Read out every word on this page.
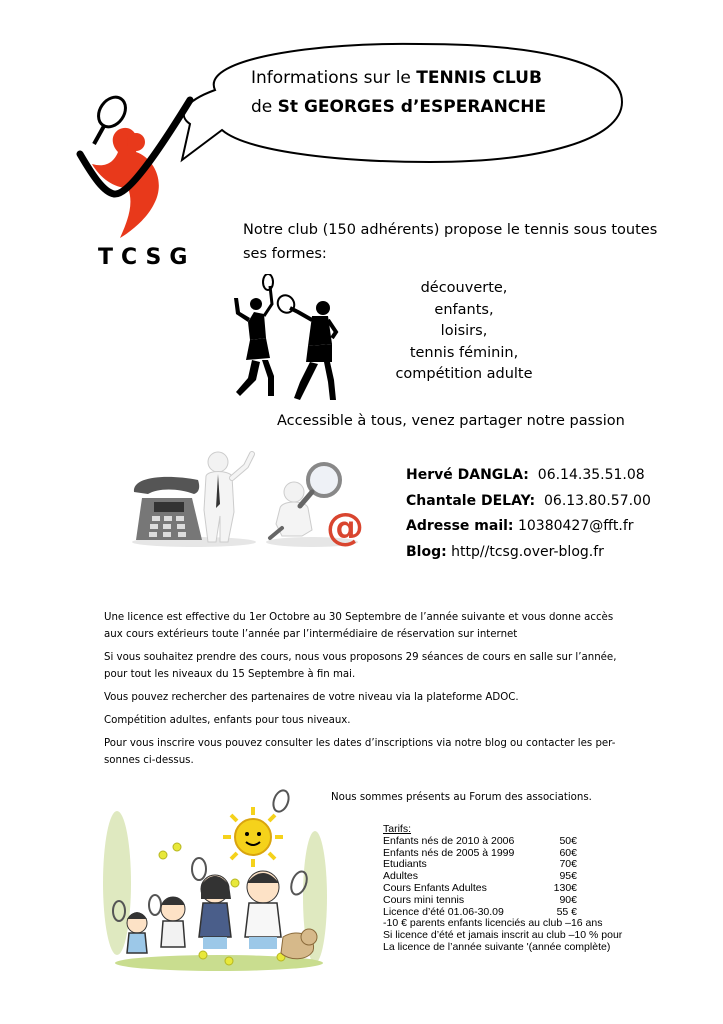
Informations sur le TENNIS CLUB
de St GEORGES d’ESPERANCHE
TCSG
Notre club (150 adhérents) propose le tennis sous toutes ses formes:
découverte,
enfants,
loisirs,
tennis féminin,
compétition adulte
Accessible à tous, venez partager notre passion
@
Hervé DANGLA: 06.14.35.51.08
Chantale DELAY: 06.13.80.57.00
Adresse mail: 10380427@fft.fr
Blog: http//tcsg.over-blog.fr

Une licence est effective du 1er Octobre au 30 Septembre de l’année suivante et vous donne accès aux cours extérieurs toute l’année par l’intermédiaire de réservation sur internet

Si vous souhaitez prendre des cours, nous vous proposons 29 séances de cours en salle sur l’année, pour tout les niveaux du 15 Septembre à fin mai.

Vous pouvez rechercher des partenaires de votre niveau via la plateforme ADOC.

Compétition adultes, enfants pour tous niveaux.

Pour vous inscrire vous pouvez consulter les dates d’inscriptions via notre blog ou contacter les per- sonnes ci-dessus.

Nous sommes présents au Forum des associations.
Tarifs:
Enfants nés de 2010 à 2006	50€
Enfants nés de 2005 à 1999	60€
Etudiants	70€
Adultes	95€
Cours Enfants Adultes	130€
Cours mini tennis	90€
Licence d’été 01.06-30.09	55 €
-10 € parents enfants licenciés au club –16 ans
Si licence d’été et jamais inscrit au club –10 % pour
La licence de l’année suivante '(année complète)
